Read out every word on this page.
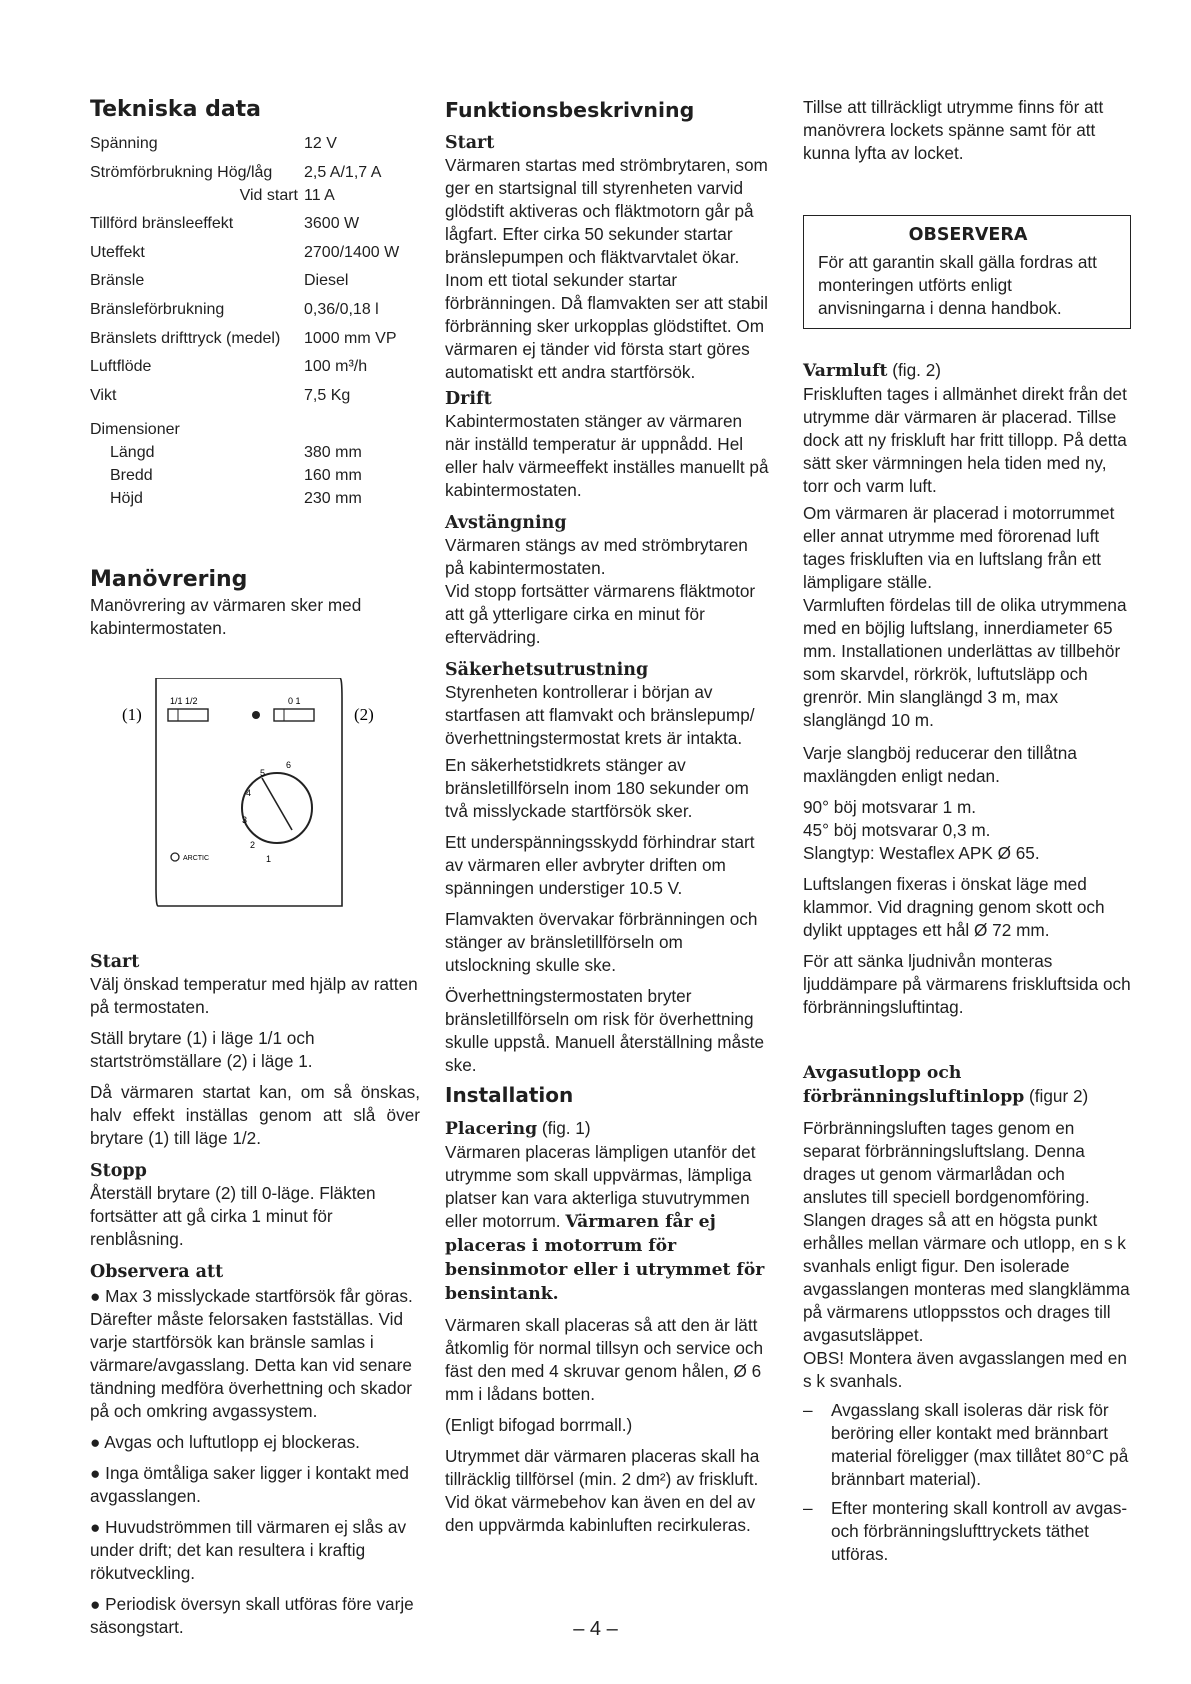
Tekniska data
Spänning	12 V
Strömförbrukning Hög/låg	2,5 A/1,7 A
Vid start 11 A
Tillförd bränsleeffekt	3600 W
Uteffekt	2700/1400 W
Bränsle	Diesel
Bränsleförbrukning	0,36/0,18 l
Bränslets drifttryck (medel)	1000 mm VP
Luftflöde	100 m³/h
Vikt	7,5 Kg
Dimensioner
Längd	380 mm
Bredd	160 mm
Höjd	230 mm
Manövrering

Manövrering av värmaren sker med kabintermostaten.

(1)	(2)
1/1 1/2	0 1
2
3
4
5
6
1
ARCTIC
Start

Välj önskad temperatur med hjälp av ratten på termostaten.

Ställ brytare (1) i läge 1/1 och startströmställare (2) i läge 1.

Då värmaren startat kan, om så önskas, halv effekt inställas genom att slå över brytare (1) till läge 1/2.

Stopp

Återställ brytare (2) till 0-läge. Fläkten fortsätter att gå cirka 1 minut för renblåsning.

Observera att

● Max 3 misslyckade startförsök får göras. Därefter måste felorsaken fastställas. Vid varje startförsök kan bränsle samlas i värmare/avgasslang. Detta kan vid senare tändning medföra överhettning och skador på och omkring avgassystem.

● Avgas och luftutlopp ej blockeras.

● Inga ömtåliga saker ligger i kontakt med avgasslangen.

● Huvudströmmen till värmaren ej slås av under drift; det kan resultera i kraftig rökutveckling.

● Periodisk översyn skall utföras före varje säsongstart.

Funktionsbeskrivning
Start

Värmaren startas med strömbrytaren, som ger en startsignal till styrenheten varvid glödstift aktiveras och fläktmotorn går på lågfart. Efter cirka 50 sekunder startar bränslepumpen och fläktvarvtalet ökar. Inom ett tiotal sekunder startar förbränningen. Då flamvakten ser att stabil förbränning sker urkopplas glödstiftet. Om värmaren ej tänder vid första start göres automatiskt ett andra startförsök.

Drift

Kabintermostaten stänger av värmaren när inställd temperatur är uppnådd. Hel eller halv värmeeffekt inställes manuellt på kabintermostaten.

Avstängning

Värmaren stängs av med strömbrytaren på kabintermostaten.

Vid stopp fortsätter värmarens fläktmotor att gå ytterligare cirka en minut för eftervädring.

Säkerhetsutrustning

Styrenheten kontrollerar i början av startfasen att flamvakt och bränslepump/ överhettningstermostat krets är intakta.

En säkerhetstidkrets stänger av bränsletillförseln inom 180 sekunder om två misslyckade startförsök sker.

Ett underspänningsskydd förhindrar start av värmaren eller avbryter driften om spänningen understiger 10.5 V.

Flamvakten övervakar förbränningen och stänger av bränsletillförseln om utslockning skulle ske.

Överhettningstermostaten bryter bränsletillförseln om risk för överhettning skulle uppstå. Manuell återställning måste ske.

Installation

Placering (fig. 1)

Värmaren placeras lämpligen utanför det utrymme som skall uppvärmas, lämpliga platser kan vara akterliga stuvutrymmen eller motorrum. Värmaren får ej placeras i motorrum för bensinmotor eller i utrymmet för bensintank.

Värmaren skall placeras så att den är lätt åtkomlig för normal tillsyn och service och fäst den med 4 skruvar genom hålen, Ø 6 mm i lådans botten.

(Enligt bifogad borrmall.)

Utrymmet där värmaren placeras skall ha tillräcklig tillförsel (min. 2 dm²) av friskluft. Vid ökat värmebehov kan även en del av den uppvärmda kabinluften recirkuleras.

Tillse att tillräckligt utrymme finns för att manövrera lockets spänne samt för att kunna lyfta av locket.

OBSERVERA

För att garantin skall gälla fordras att monteringen utförts enligt anvisningarna i denna handbok.

Varmluft (fig. 2)

Friskluften tages i allmänhet direkt från det utrymme där värmaren är placerad. Tillse dock att ny friskluft har fritt tillopp. På detta sätt sker värmningen hela tiden med ny, torr och varm luft.

Om värmaren är placerad i motorrummet eller annat utrymme med förorenad luft tages friskluften via en luftslang från ett lämpligare ställe.

Varmluften fördelas till de olika utrymmena med en böjlig luftslang, innerdiameter 65 mm. Installationen underlättas av tillbehör som skarvdel, rörkrök, luftutsläpp och grenrör. Min slanglängd 3 m, max slanglängd 10 m.

Varje slangböj reducerar den tillåtna maxlängden enligt nedan.

90° böj motsvarar 1 m.

45° böj motsvarar 0,3 m.

Slangtyp: Westaflex APK Ø 65.

Luftslangen fixeras i önskat läge med klammor. Vid dragning genom skott och dylikt upptages ett hål Ø 72 mm.

För att sänka ljudnivån monteras ljuddämpare på värmarens friskluftsida och förbränningsluftintag.

Avgasutlopp och förbränningsluftinlopp (figur 2)

Förbränningsluften tages genom en separat förbränningsluftslang. Denna drages ut genom värmarlådan och anslutes till speciell bordgenomföring. Slangen drages så att en högsta punkt erhålles mellan värmare och utlopp, en s k svanhals enligt figur. Den isolerade avgasslangen monteras med slangklämma på värmarens utloppsstos och drages till avgasutsläppet.

OBS! Montera även avgasslangen med en s k svanhals.

–	Avgasslang skall isoleras där risk för beröring eller kontakt med brännbart material föreligger (max tillåtet 80°C på brännbart material).
–	Efter montering skall kontroll av avgas- och förbränningslufttryckets täthet utföras.
– 4 –
